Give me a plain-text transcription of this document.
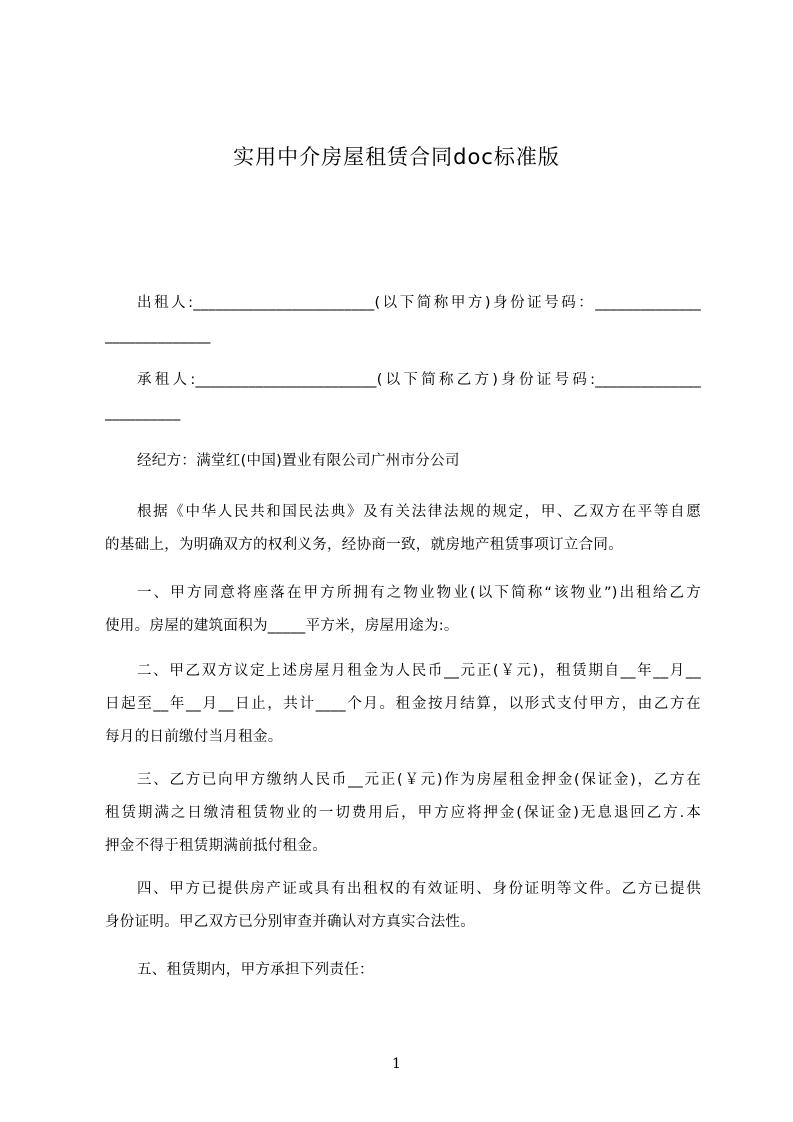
实用中介房屋租赁合同doc标准版
出租人:________________________(以下简称甲方)身份证号码：______________
______________
承租人:________________________(以下简称乙方)身份证号码:______________
__________
经纪方：满堂红(中国)置业有限公司广州市分公司
根据《中华人民共和国民法典》及有关法律法规的规定，甲、乙双方在平等自愿
的基础上，为明确双方的权利义务，经协商一致，就房地产租赁事项订立合同。
一、甲方同意将座落在甲方所拥有之物业物业(以下简称“该物业”)出租给乙方
使用。房屋的建筑面积为_____平方米，房屋用途为:。
二、甲乙双方议定上述房屋月租金为人民币__元正(￥元)，租赁期自__年__月__
日起至__年__月__日止，共计____个月。租金按月结算，以形式支付甲方，由乙方在
每月的日前缴付当月租金。
三、乙方已向甲方缴纳人民币__元正(￥元)作为房屋租金押金(保证金)，乙方在
租赁期满之日缴清租赁物业的一切费用后，甲方应将押金(保证金)无息退回乙方.本
押金不得于租赁期满前抵付租金。
四、甲方已提供房产证或具有出租权的有效证明、身份证明等文件。乙方已提供
身份证明。甲乙双方已分别审查并确认对方真实合法性。
五、租赁期内，甲方承担下列责任：
1
